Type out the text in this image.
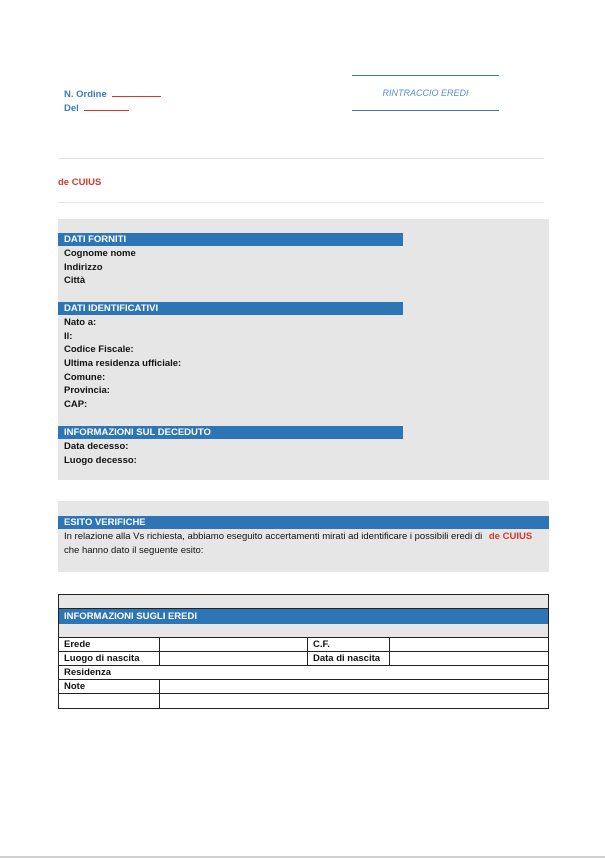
N. Ordine
Del
RINTRACCIO EREDI
de CUIUS
DATI FORNITI
Cognome nome
Indirizzo
Città
DATI IDENTIFICATIVI
Nato a:
Il:
Codice Fiscale:
Ultima residenza ufficiale:
Comune:
Provincia:
CAP:
INFORMAZIONI SUL DECEDUTO
Data decesso:
Luogo decesso:
ESITO VERIFICHE
In relazione alla Vs richiesta, abbiamo eseguito accertamenti mirati ad identificare i possibili eredi di de CUIUS che hanno dato il seguente esito:
INFORMAZIONI SUGLI EREDI
Erede	C.F.
Luogo di nascita	Data di nascita
Residenza
Note
